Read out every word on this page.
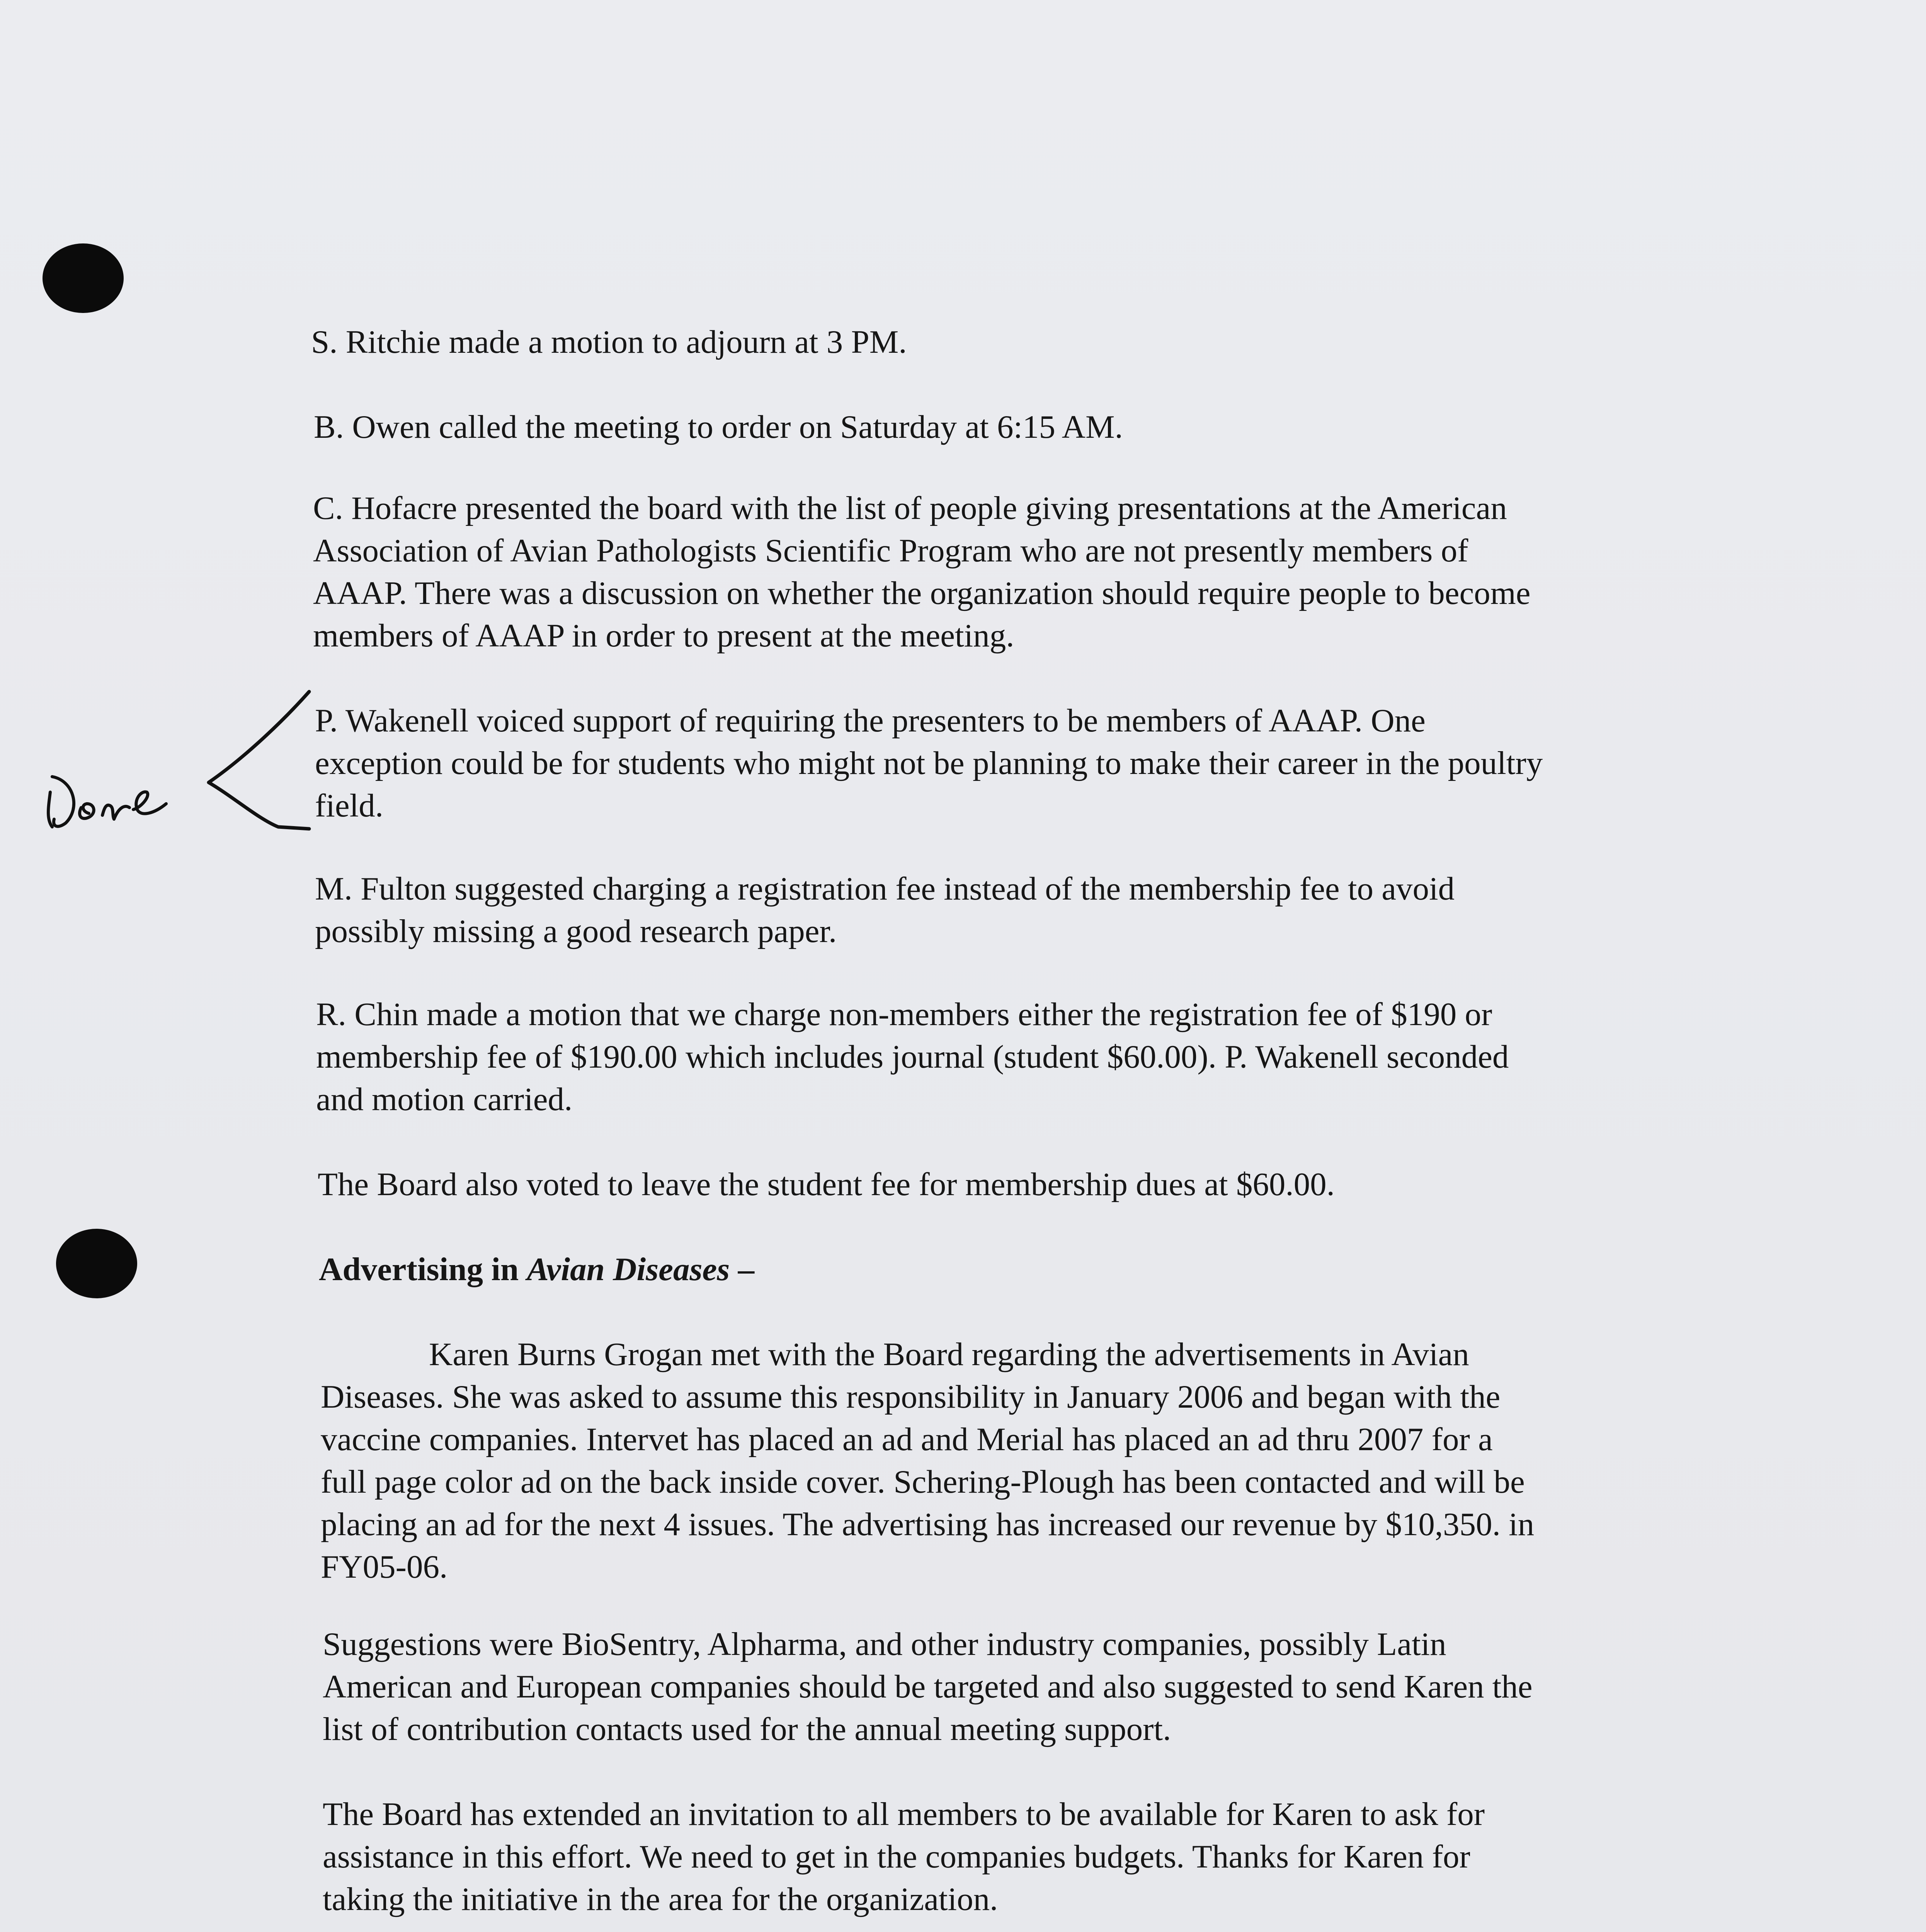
S. Ritchie made a motion to adjourn at 3 PM.

B. Owen called the meeting to order on Saturday at 6:15 AM.

C. Hofacre presented the board with the list of people giving presentations at the American
Association of Avian Pathologists Scientific Program who are not presently members of
AAAP. There was a discussion on whether the organization should require people to become
members of AAAP in order to present at the meeting.

P. Wakenell voiced support of requiring the presenters to be members of AAAP. One
exception could be for students who might not be planning to make their career in the poultry
field.

M. Fulton suggested charging a registration fee instead of the membership fee to avoid
possibly missing a good research paper.

R. Chin made a motion that we charge non-members either the registration fee of $190 or
membership fee of $190.00 which includes journal (student $60.00). P. Wakenell seconded
and motion carried.

The Board also voted to leave the student fee for membership dues at $60.00.

Advertising in Avian Diseases –

Karen Burns Grogan met with the Board regarding the advertisements in Avian
Diseases. She was asked to assume this responsibility in January 2006 and began with the
vaccine companies. Intervet has placed an ad and Merial has placed an ad thru 2007 for a
full page color ad on the back inside cover. Schering-Plough has been contacted and will be
placing an ad for the next 4 issues. The advertising has increased our revenue by $10,350. in
FY05-06.

Suggestions were BioSentry, Alpharma, and other industry companies, possibly Latin
American and European companies should be targeted and also suggested to send Karen the
list of contribution contacts used for the annual meeting support.

The Board has extended an invitation to all members to be available for Karen to ask for
assistance in this effort. We need to get in the companies budgets. Thanks for Karen for
taking the initiative in the area for the organization.
